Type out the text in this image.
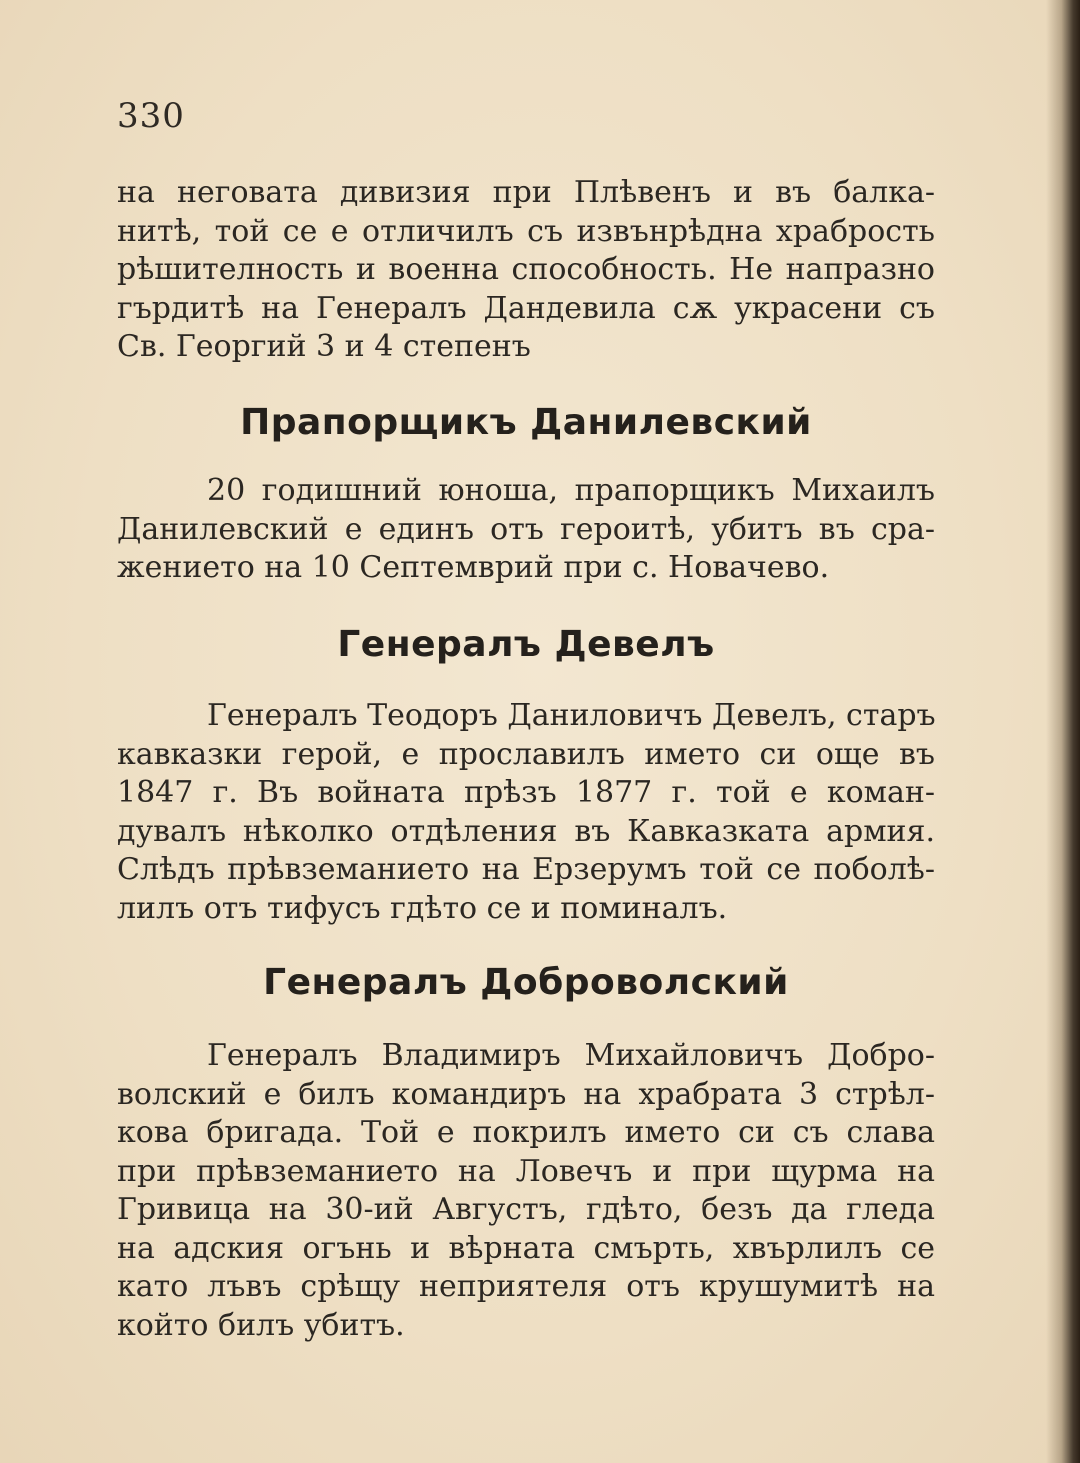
330

на неговата дивизия при Плѣвенъ и въ балка-
нитѣ, той се е отличилъ съ извънрѣдна храбрость
рѣшителность и военна способность. Не напразно
гърдитѣ на Генералъ Дандевила сѫ украсени съ
Св. Георгий 3 и 4 степенъ

Прапорщикъ Данилевский

20 годишний юноша, прапорщикъ Михаилъ
Данилевский е единъ отъ героитѣ, убитъ въ сра-
жението на 10 Септемврий при с. Новачево.

Генералъ Девелъ

Генералъ Теодоръ Даниловичъ Девелъ, старъ
кавказки герой, е прославилъ името си още въ
1847 г. Въ войната прѣзъ 1877 г. той е коман-
дувалъ нѣколко отдѣления въ Кавказката армия.
Слѣдъ прѣвземанието на Ерзерумъ той се поболѣ-
лилъ отъ тифусъ гдѣто се и поминалъ.

Генералъ Доброволский

Генералъ Владимиръ Михайловичъ Добро-
волский е билъ командиръ на храбрата 3 стрѣл-
кова бригада. Той е покрилъ името си съ слава
при прѣвземанието на Ловечъ и при щурма на
Гривица на 30-ий Августъ, гдѣто, безъ да гледа
на адския огънь и вѣрната смърть, хвърлилъ се
като лъвъ срѣщу неприятеля отъ крушумитѣ на
който билъ убитъ.
